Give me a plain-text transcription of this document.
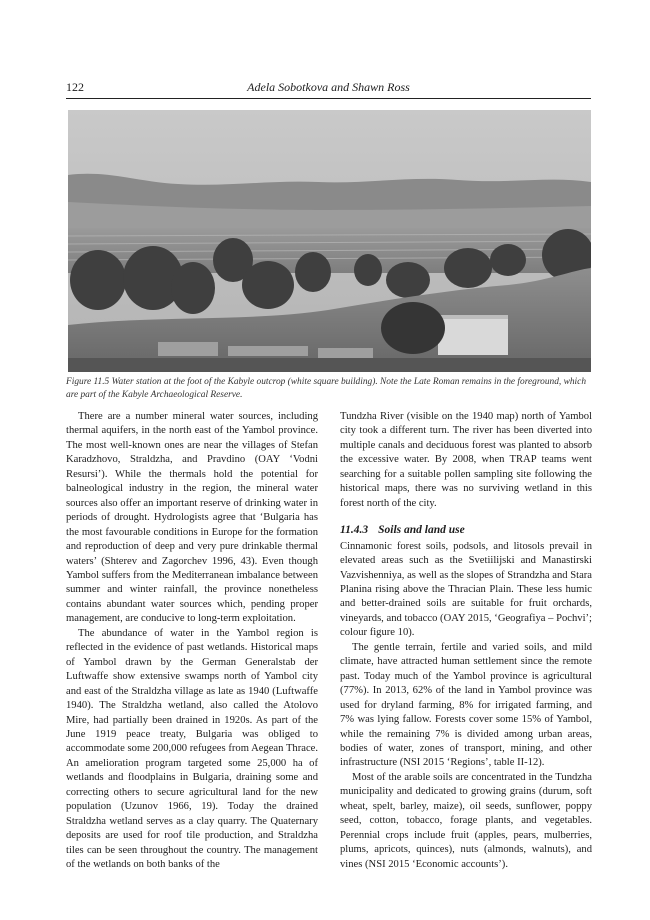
122	Adela Sobotkova and Shawn Ross
Figure 11.5 Water station at the foot of the Kabyle outcrop (white square building). Note the Late Roman remains in the foreground, which are part of the Kabyle Archaeological Reserve.

There are a number mineral water sources, including thermal aquifers, in the north east of the Yambol province. The most well-known ones are near the villages of Stefan Karadzhovo, Straldzha, and Pravdino (OAY ‘Vodni Resursi’). While the thermals hold the potential for balneological industry in the region, the mineral water sources also offer an important reserve of drinking water in periods of drought. Hydrologists agree that ‘Bulgaria has the most favourable conditions in Europe for the formation and reproduction of deep and very pure drinkable thermal waters’ (Shterev and Zagorchev 1996, 43). Even though Yambol suffers from the Mediterranean imbalance between summer and winter rainfall, the province nonetheless contains abundant water sources which, pending proper management, are conducive to long-term exploitation.

The abundance of water in the Yambol region is reflected in the evidence of past wetlands. Historical maps of Yambol drawn by the German Generalstab der Luftwaffe show extensive swamps north of Yambol city and east of the Straldzha village as late as 1940 (Luftwaffe 1940). The Straldzha wetland, also called the Atolovo Mire, had partially been drained in 1920s. As part of the June 1919 peace treaty, Bulgaria was obliged to accommodate some 200,000 refugees from Aegean Thrace. An amelioration program targeted some 25,000 ha of wetlands and floodplains in Bulgaria, draining some and correcting others to secure agricultural land for the new population (Uzunov 1966, 19). Today the drained Straldzha wetland serves as a clay quarry. The Quaternary deposits are used for roof tile production, and Straldzha tiles can be seen throughout the country. The management of the wetlands on both banks of the

Tundzha River (visible on the 1940 map) north of Yambol city took a different turn. The river has been diverted into multiple canals and deciduous forest was planted to absorb the excessive water. By 2008, when TRAP teams went searching for a suitable pollen sampling site following the historical maps, there was no surviving wetland in this forest north of the city.

11.4.3 Soils and land use

Cinnamonic forest soils, podsols, and litosols prevail in elevated areas such as the Svetiilijski and Manastirski Vazvishenniya, as well as the slopes of Strandzha and Stara Planina rising above the Thracian Plain. These less humic and better-drained soils are suitable for fruit orchards, vineyards, and tobacco (OAY 2015, ‘Geografiya – Pochvi’; colour figure 10).

The gentle terrain, fertile and varied soils, and mild climate, have attracted human settlement since the remote past. Today much of the Yambol province is agricultural (77%). In 2013, 62% of the land in Yambol province was used for dryland farming, 8% for irrigated farming, and 7% was lying fallow. Forests cover some 15% of Yambol, while the remaining 7% is divided among urban areas, bodies of water, zones of transport, mining, and other infrastructure (NSI 2015 ‘Regions’, table II-12).

Most of the arable soils are concentrated in the Tundzha municipality and dedicated to growing grains (durum, soft wheat, spelt, barley, maize), oil seeds, sunflower, poppy seed, cotton, tobacco, forage plants, and vegetables. Perennial crops include fruit (apples, pears, mulberries, plums, apricots, quinces), nuts (almonds, walnuts), and vines (NSI 2015 ‘Economic accounts’).
